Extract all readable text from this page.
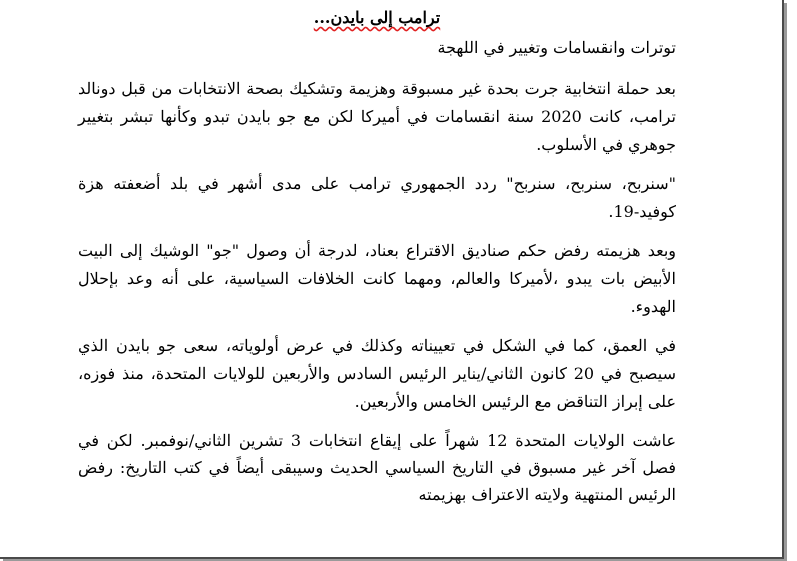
ترامب إلى بايدن...
توترات وانقسامات وتغيير في اللهجة

بعد حملة انتخابية جرت بحدة غير مسبوقة وهزيمة وتشكيك بصحة الانتخابات من قبل دونالد ترامب، كانت 2020 سنة انقسامات في أميركا لكن مع جو بايدن تبدو وكأنها تبشر بتغيير جوهري في الأسلوب.

"سنربح، سنربح، سنربح" ردد الجمهوري ترامب على مدى أشهر في بلد أضعفته هزة كوفيد-19.

وبعد هزيمته رفض حكم صناديق الاقتراع بعناد، لدرجة أن وصول "جو" الوشيك إلى البيت الأبيض بات يبدو ،لأميركا والعالم، ومهما كانت الخلافات السياسية، على أنه وعد بإحلال الهدوء.

في العمق، كما في الشكل في تعييناته وكذلك في عرض أولوياته، سعى جو بايدن الذي سيصبح في 20 كانون الثاني/يناير الرئيس السادس والأربعين للولايات المتحدة، منذ فوزه، على إبراز التناقض مع الرئيس الخامس والأربعين.

عاشت الولايات المتحدة 12 شهراً على إيقاع انتخابات 3 تشرين الثاني/نوفمبر. لكن في فصل آخر غير مسبوق في التاريخ السياسي الحديث وسيبقى أيضاً في كتب التاريخ: رفض الرئيس المنتهية ولايته الاعتراف بهزيمته
